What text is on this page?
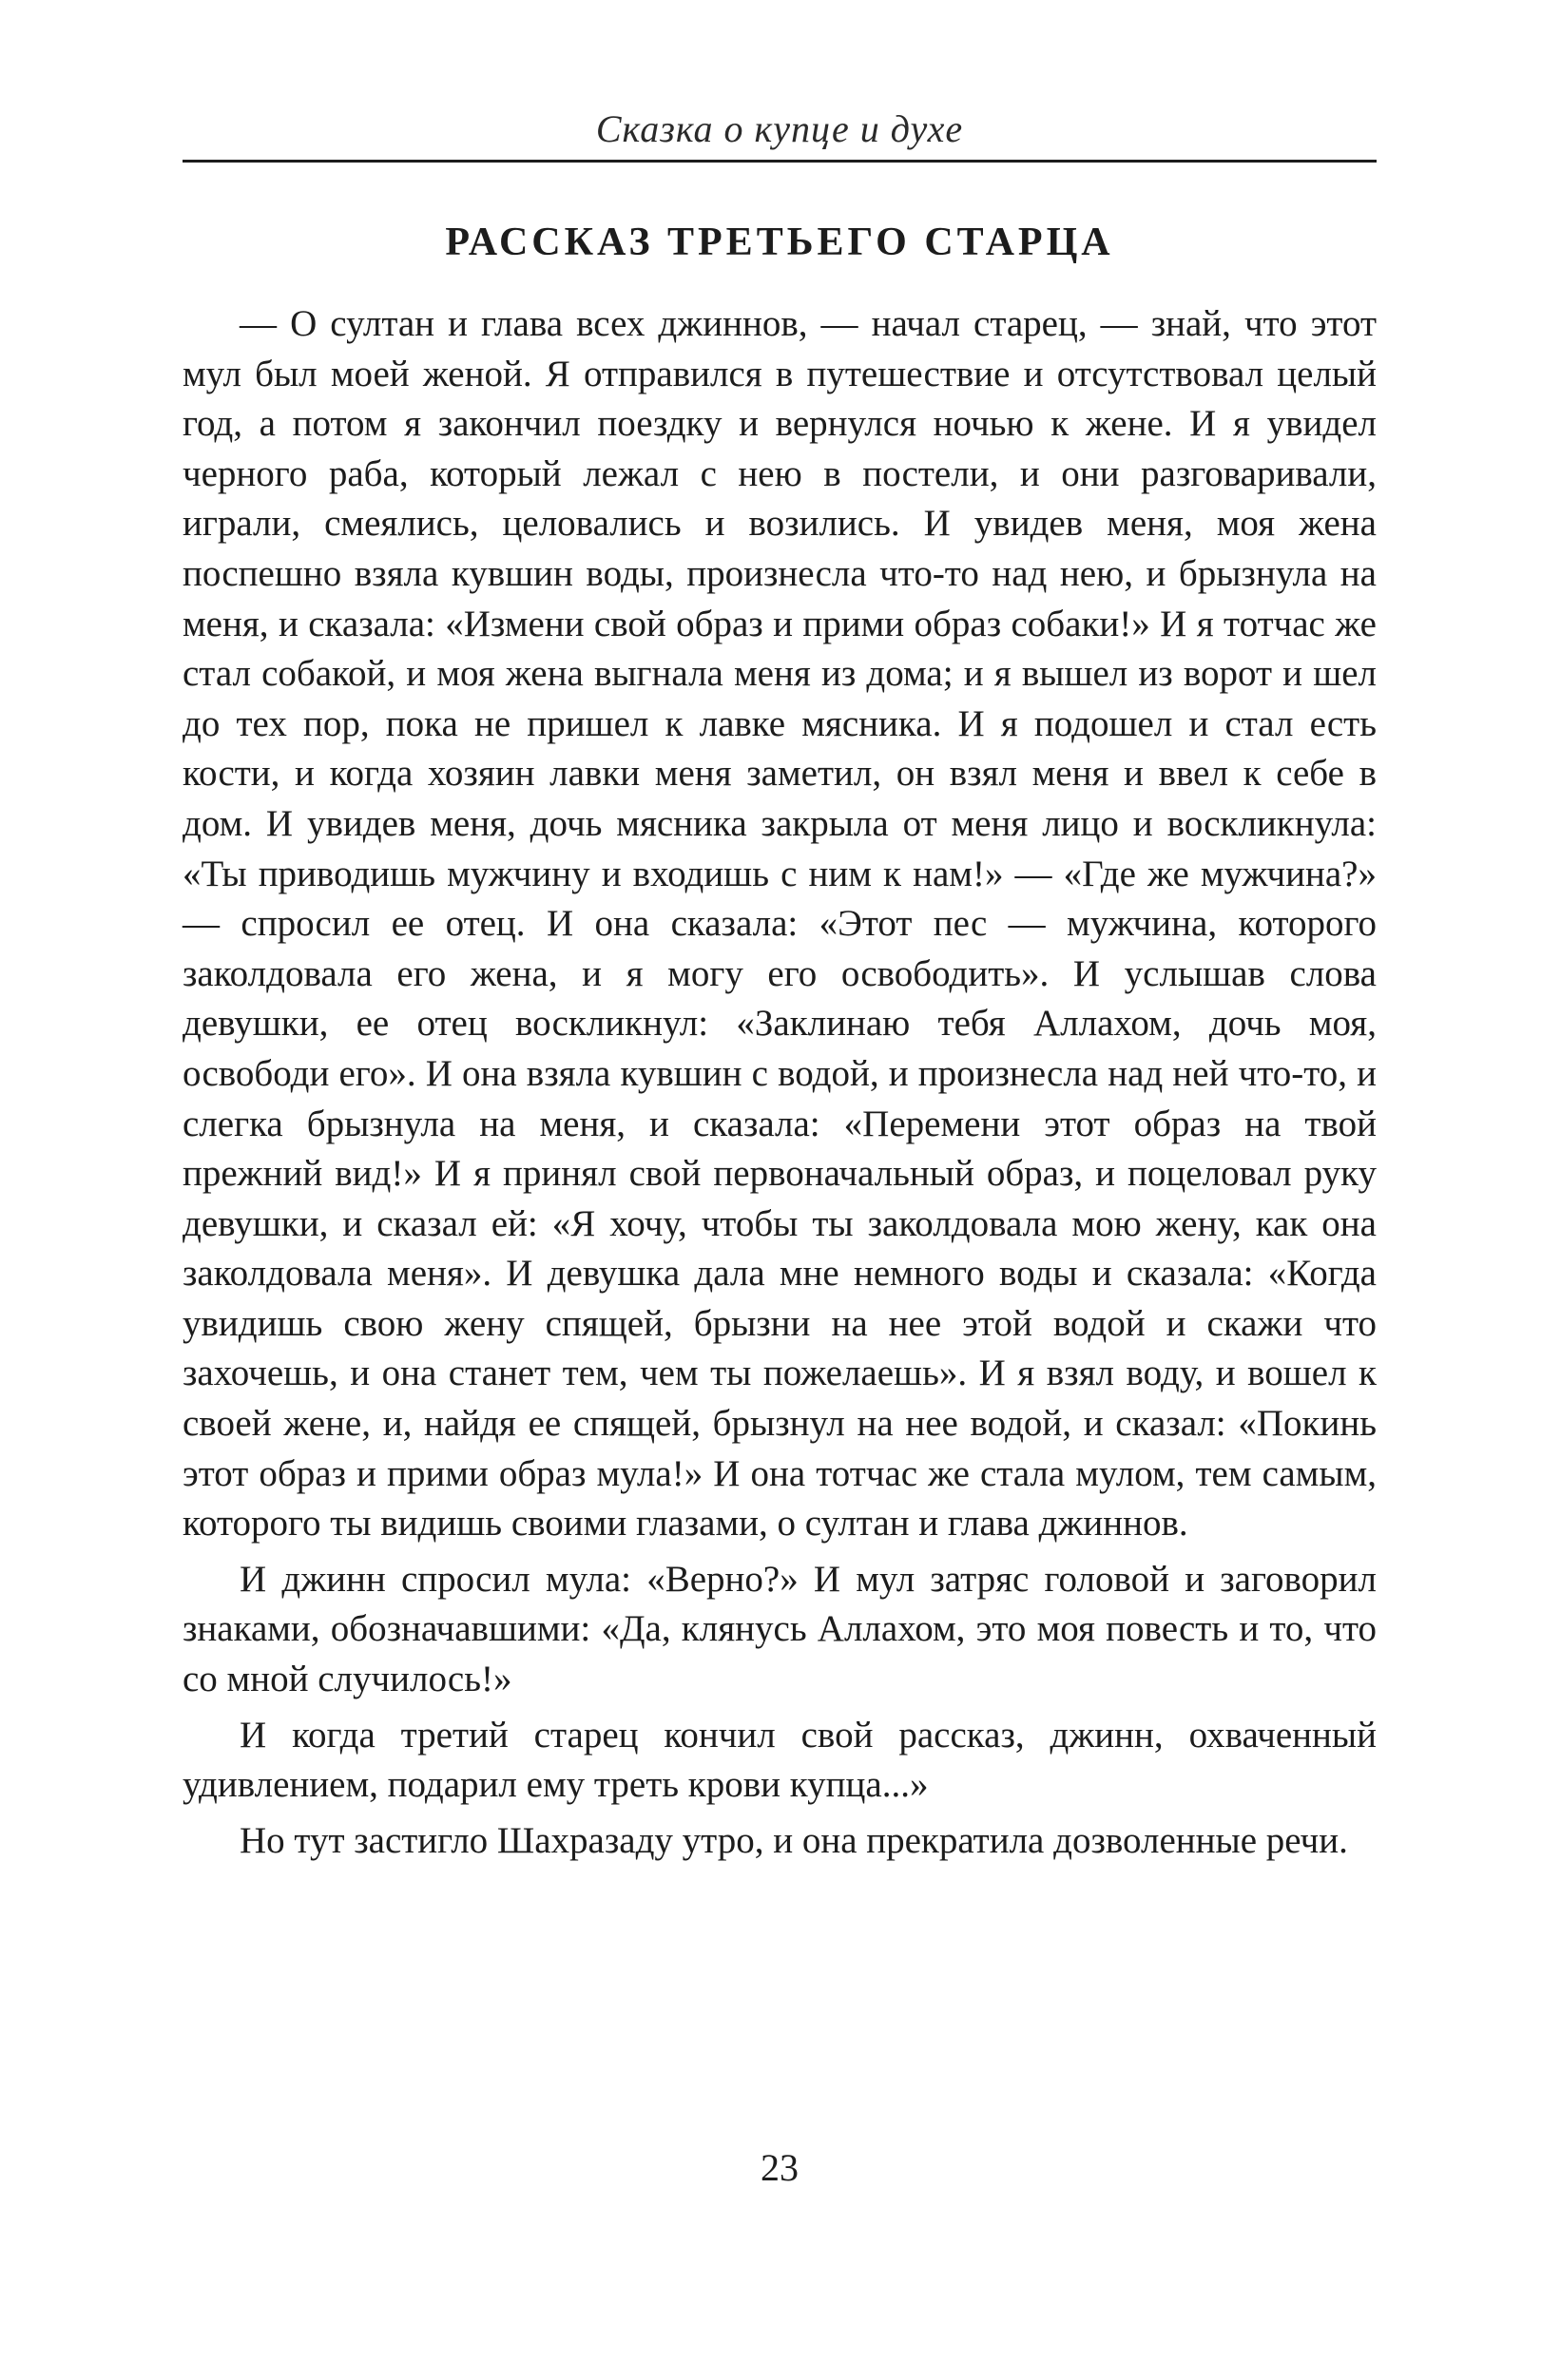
Сказка о купце и духе
РАССКАЗ ТРЕТЬЕГО СТАРЦА

— О султан и глава всех джиннов, — начал старец, — знай, что этот мул был моей женой. Я отправился в путешествие и отсутствовал целый год, а потом я закончил поездку и вернулся ночью к жене. И я увидел черного раба, который лежал с нею в постели, и они разговаривали, играли, смеялись, целовались и возились. И увидев меня, моя жена поспешно взяла кувшин воды, произнесла что-то над нею, и брызнула на меня, и сказала: «Измени свой образ и прими образ собаки!» И я тотчас же стал собакой, и моя жена выгнала меня из дома; и я вышел из ворот и шел до тех пор, пока не пришел к лавке мясника. И я подошел и стал есть кости, и когда хозяин лавки меня заметил, он взял меня и ввел к себе в дом. И увидев меня, дочь мясника закрыла от меня лицо и воскликнула: «Ты приводишь мужчину и входишь с ним к нам!» — «Где же мужчина?» — спросил ее отец. И она сказала: «Этот пес — мужчина, которого заколдовала его жена, и я могу его освободить». И услышав слова девушки, ее отец воскликнул: «Заклинаю тебя Аллахом, дочь моя, освободи его». И она взяла кувшин с водой, и произнесла над ней что-то, и слегка брызнула на меня, и сказала: «Перемени этот образ на твой прежний вид!» И я принял свой первоначальный образ, и поцеловал руку девушки, и сказал ей: «Я хочу, чтобы ты заколдовала мою жену, как она заколдовала меня». И девушка дала мне немного воды и сказала: «Когда увидишь свою жену спящей, брызни на нее этой водой и скажи что захочешь, и она станет тем, чем ты пожелаешь». И я взял воду, и вошел к своей жене, и, найдя ее спящей, брызнул на нее водой, и сказал: «Покинь этот образ и прими образ мула!» И она тотчас же стала мулом, тем самым, которого ты видишь своими глазами, о султан и глава джиннов.

И джинн спросил мула: «Верно?» И мул затряс головой и заговорил знаками, обозначавшими: «Да, клянусь Аллахом, это моя повесть и то, что со мной случилось!»

И когда третий старец кончил свой рассказ, джинн, охваченный удивлением, подарил ему треть крови купца...»

Но тут застигло Шахразаду утро, и она прекратила дозволенные речи.

23
